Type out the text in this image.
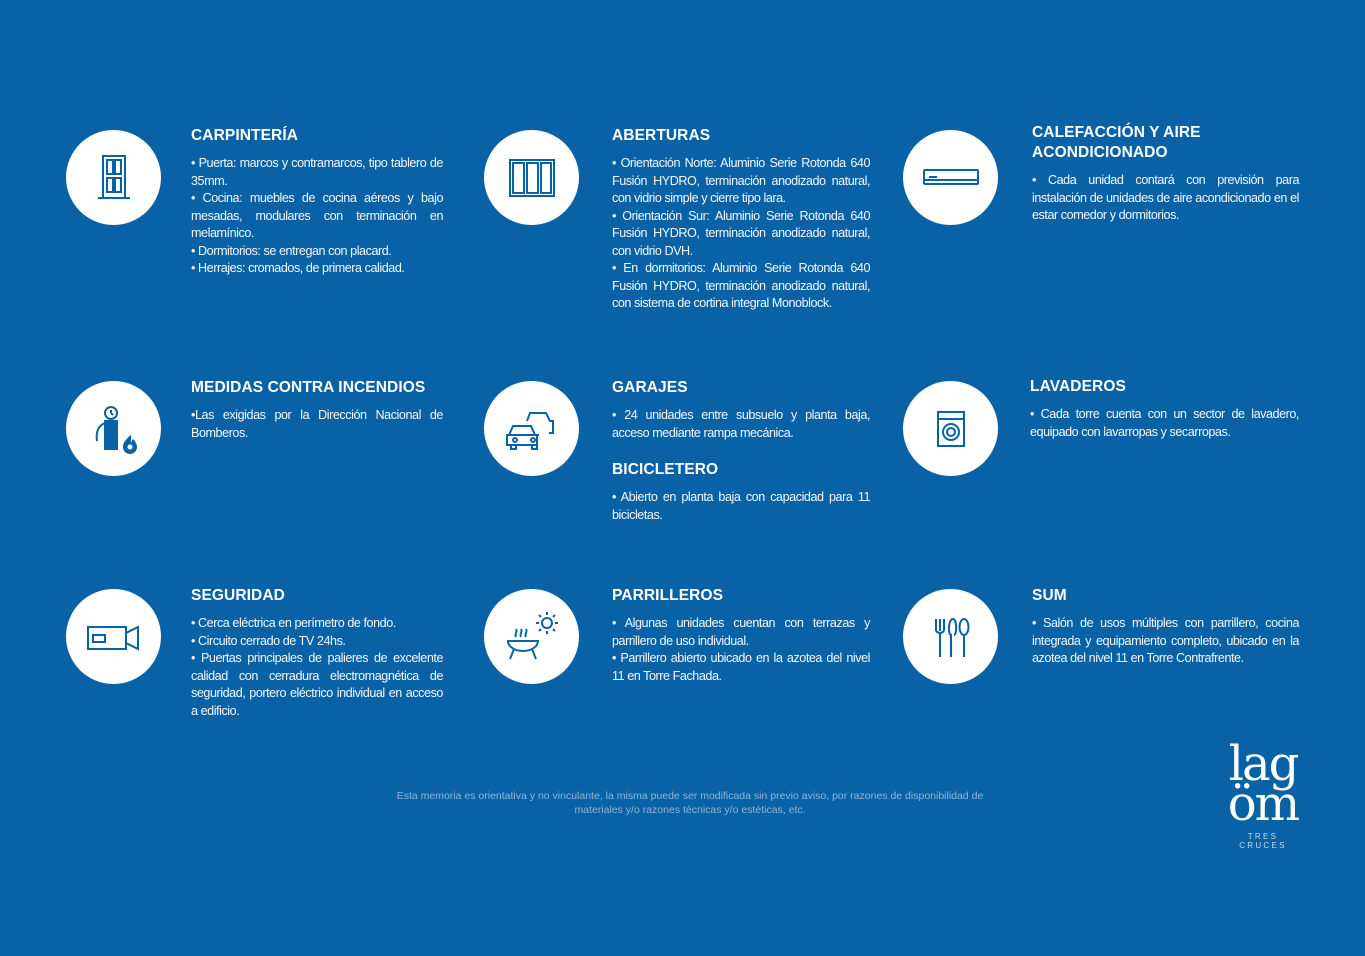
CARPINTERÍA
• Puerta: marcos y contramarcos, tipo tablero de 35mm.
• Cocina: muebles de cocina aéreos y bajo mesadas, modulares con terminación en melamínico.
• Dormitorios: se entregan con placard.
• Herrajes: cromados, de primera calidad.
ABERTURAS
• Orientación Norte: Aluminio Serie Rotonda 640 Fusión HYDRO, terminación anodizado natural, con vidrio simple y cierre tipo lara.
• Orientación Sur: Aluminio Serie Rotonda 640 Fusión HYDRO, terminación anodizado natural, con vidrio DVH.
• En dormitorios: Aluminio Serie Rotonda 640 Fusión HYDRO, terminación anodizado natural, con sistema de cortina integral Monoblock.
CALEFACCIÓN Y AIRE ACONDICIONADO
• Cada unidad contará con previsión para instalación de unidades de aire acondicionado en el estar comedor y dormitorios.
MEDIDAS CONTRA INCENDIOS
•Las exigidas por la Dirección Nacional de Bomberos.
GARAJES
• 24 unidades entre subsuelo y planta baja, acceso mediante rampa mecánica.
BICICLETERO
• Abierto en planta baja con capacidad para 11 bicicletas.
LAVADEROS
• Cada torre cuenta con un sector de lavadero, equipado con lavarropas y secarropas.
SEGURIDAD
• Cerca eléctrica en perímetro de fondo.
• Circuito cerrado de TV 24hs.
• Puertas principales de palieres de excelente calidad con cerradura electromagnética de seguridad, portero eléctrico individual en acceso a edificio.
PARRILLEROS
• Algunas unidades cuentan con terrazas y parrillero de uso individual.
• Parrillero abierto ubicado en la azotea del nivel 11 en Torre Fachada.
SUM
• Salón de usos múltiples con parrillero, cocina integrada y equipamiento completo, ubicado en la azotea del nivel 11 en Torre Contrafrente.
Esta memoria es orientativa y no vinculante, la misma puede ser modificada sin previo aviso, por razones de disponibilidad de materiales y/o razones técnicas y/o estéticas, etc.
lag
öm
TRES CRUCES
